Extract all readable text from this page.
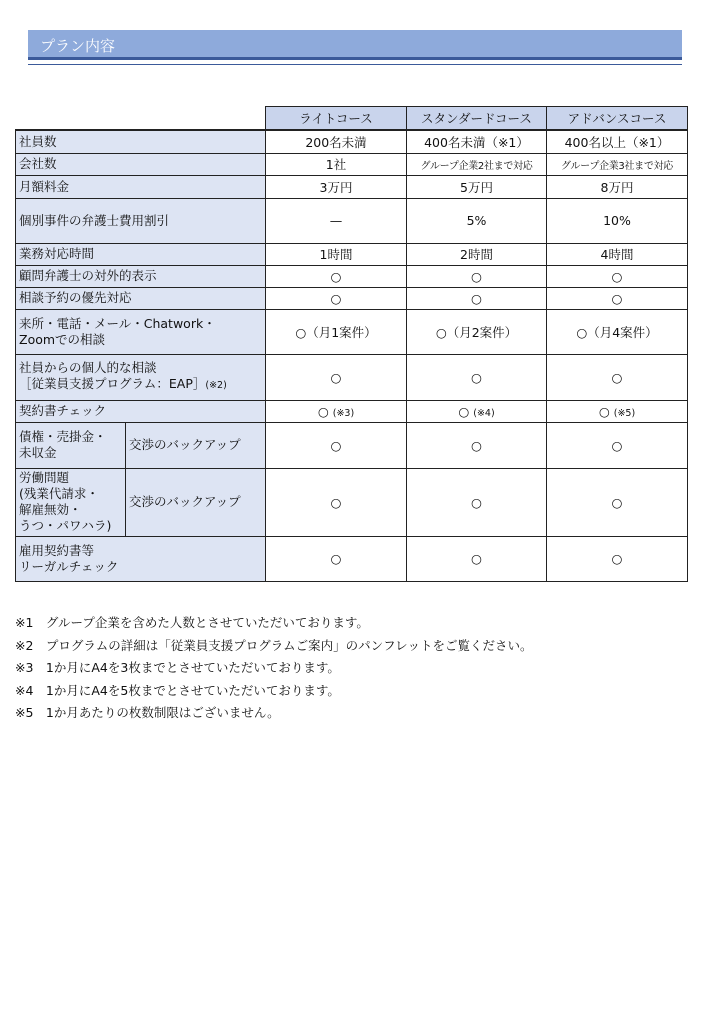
プラン内容
		ライトコース	スタンダードコース	アドバンスコース
社員数		200名未満	400名未満（※1）	400名以上（※1）
会社数		1社	グループ企業2社まで対応	グループ企業3社まで対応
月額料金		3万円	5万円	8万円
個別事件の弁護士費用割引		—	5%	10%
業務対応時間		1時間	2時間	4時間
顧問弁護士の対外的表示		○	○	○
相談予約の優先対応		○	○	○

来所・電話・メール・Chatwork・
Zoomでの相談		○（月1案件）	○（月2案件）	○（月4案件）

社員からの個人的な相談
［従業員支援プログラム：EAP］(※2)		○	○	○
契約書チェック		○ (※3)	○ (※4)	○ (※5)

債権・売掛金・
未収金	交渉のバックアップ	○	○	○

労働問題
(残業代請求・
解雇無効・
うつ・パワハラ)	交渉のバックアップ	○	○	○

雇用契約書等
リーガルチェック		○	○	○
※1　グループ企業を含めた人数とさせていただいております。
※2　プログラムの詳細は「従業員支援プログラムご案内」のパンフレットをご覧ください。
※3　1か月にA4を3枚までとさせていただいております。
※4　1か月にA4を5枚までとさせていただいております。
※5　1か月あたりの枚数制限はございません。
